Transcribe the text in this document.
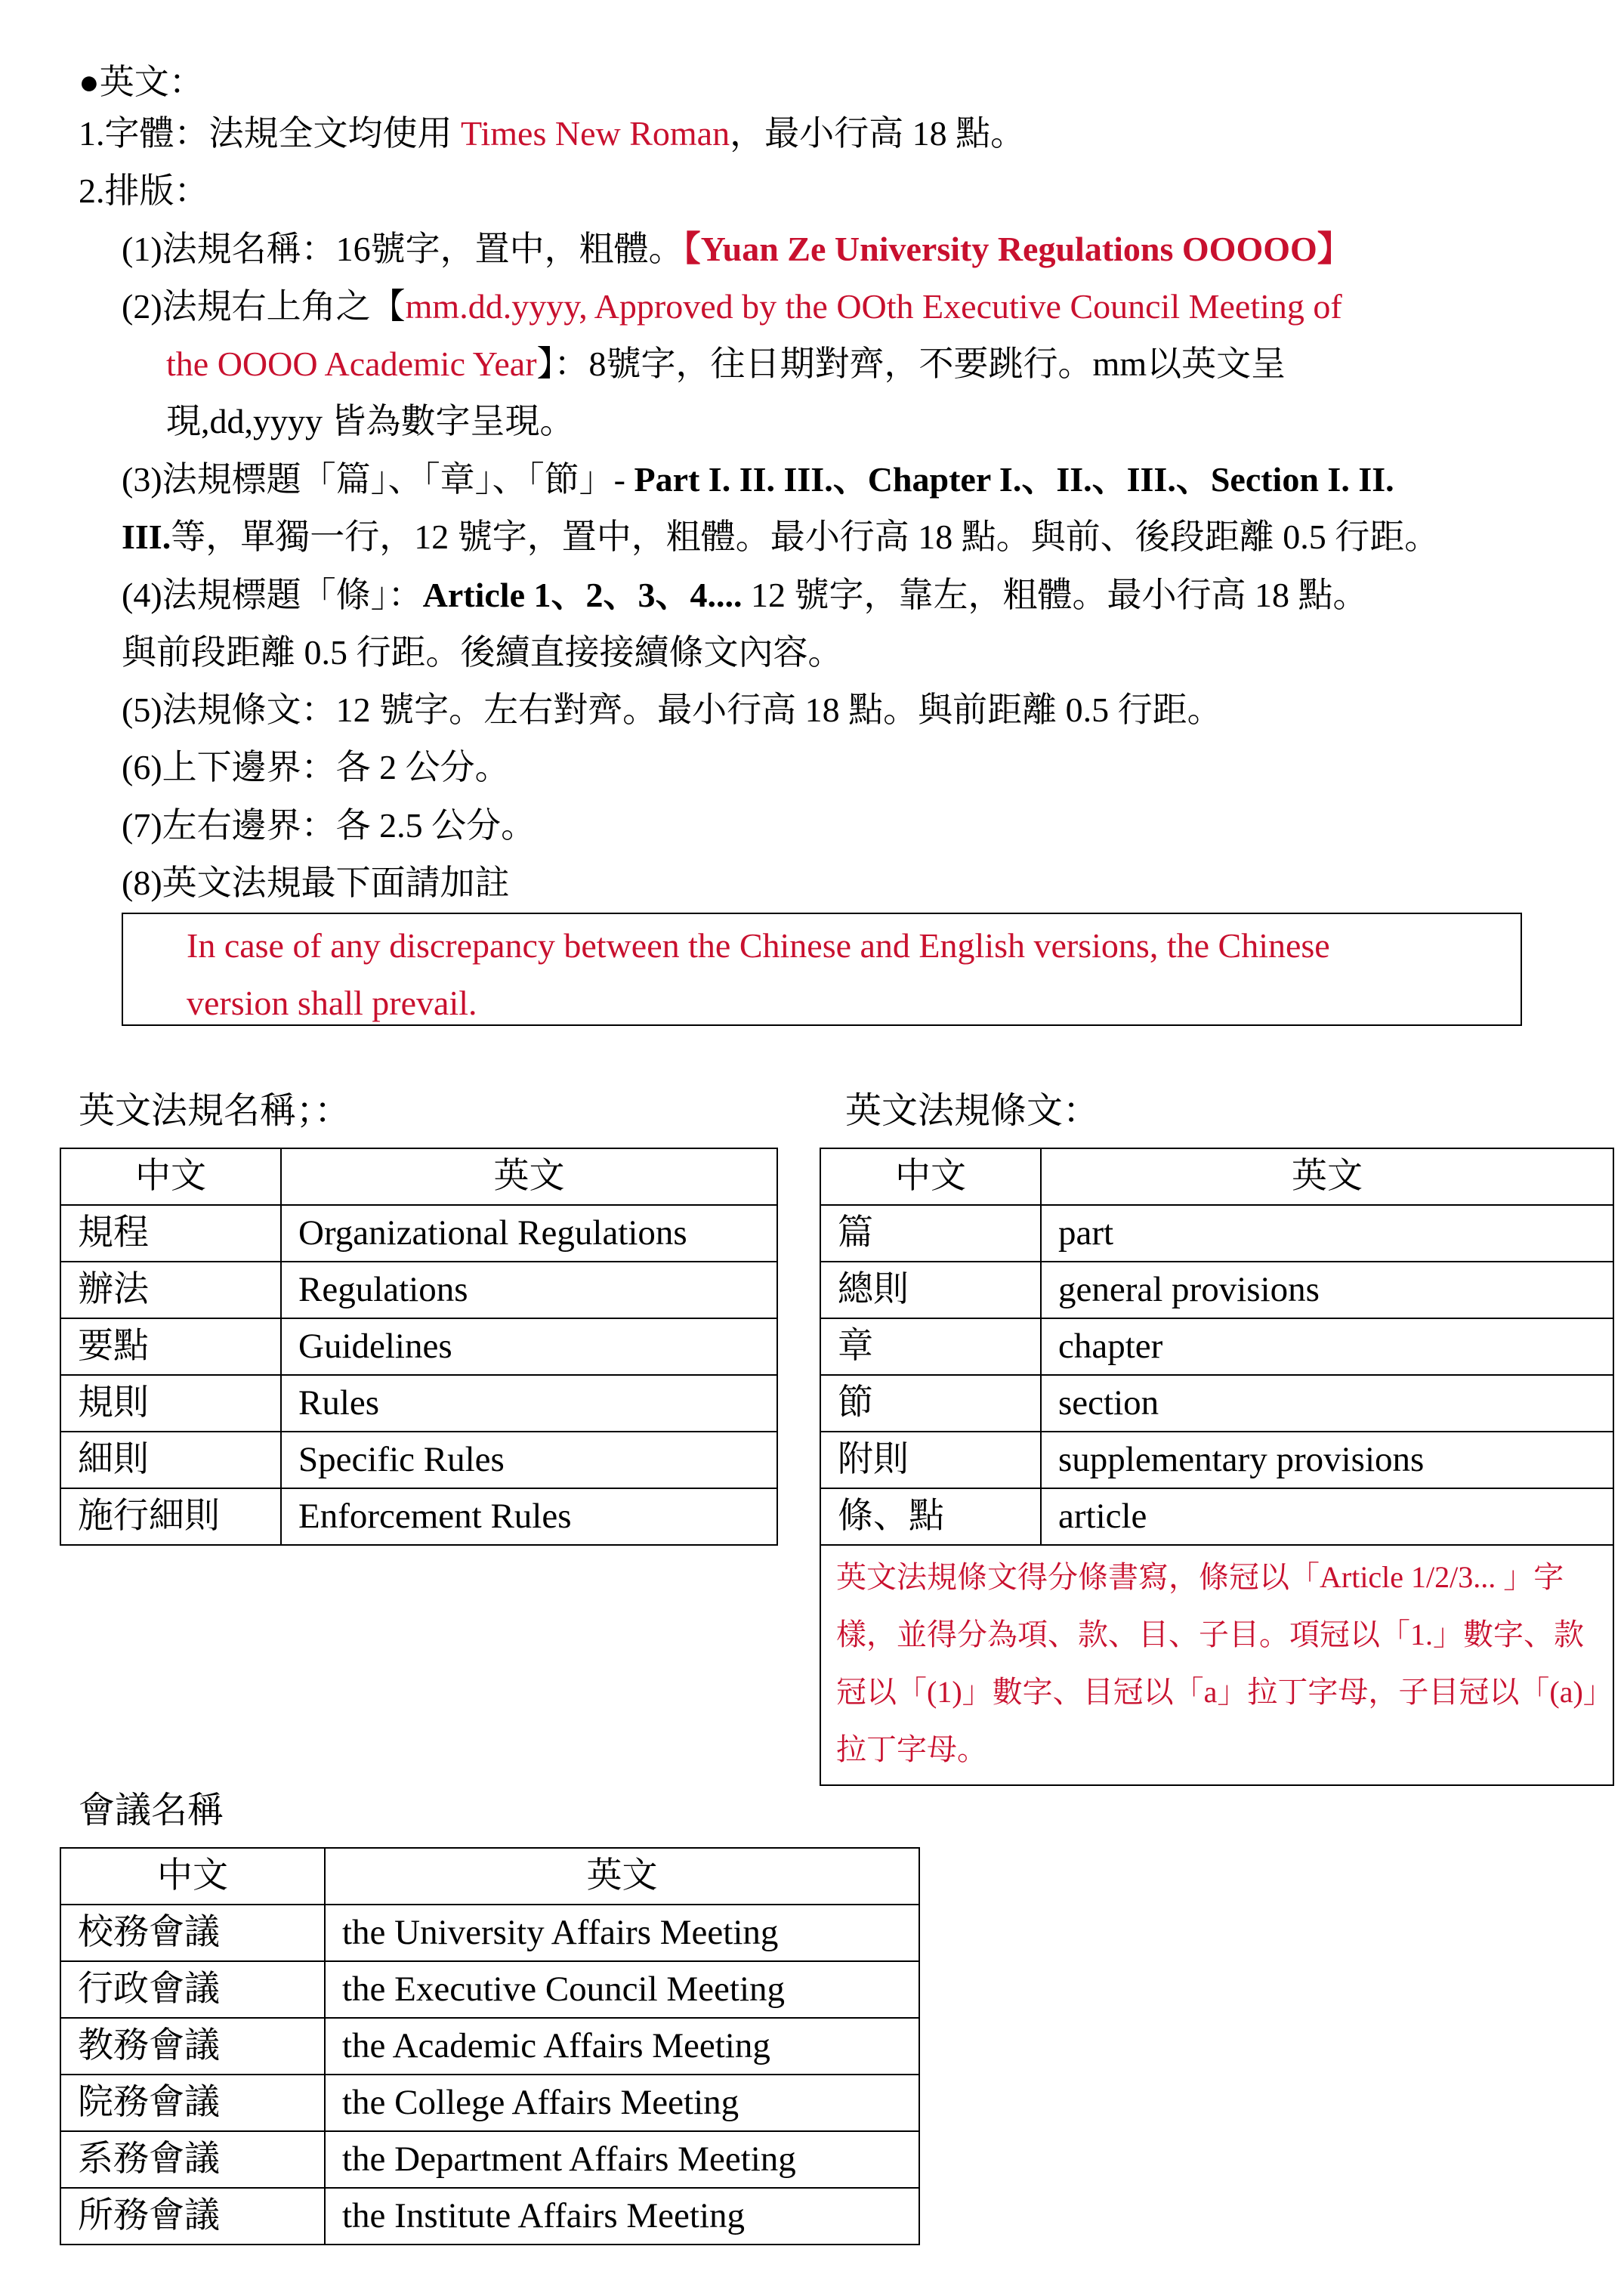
●英文：
1.字體：法規全文均使用 Times New Roman，最小行高 18 點。
2.排版：
(1)法規名稱：16號字，置中，粗體。【Yuan Ze University Regulations OOOOO】
(2)法規右上角之【mm.dd.yyyy, Approved by the OOth Executive Council Meeting of
the OOOO Academic Year】：8號字，往日期對齊，不要跳行。mm以英文呈
現,dd,yyyy 皆為數字呈現。
(3)法規標題「篇」、「章」、「節」- Part I. II. III.、Chapter I.、II.、III.、Section I. II.
III.等，單獨一行，12 號字，置中，粗體。最小行高 18 點。與前、後段距離 0.5 行距。
(4)法規標題「條」：Article 1、2、3、4.... 12 號字，靠左，粗體。最小行高 18 點。
與前段距離 0.5 行距。後續直接接續條文內容。
(5)法規條文：12 號字。左右對齊。最小行高 18 點。與前距離 0.5 行距。
(6)上下邊界：各 2 公分。
(7)左右邊界：各 2.5 公分。
(8)英文法規最下面請加註
In case of any discrepancy between the Chinese and English versions, the Chinese
version shall prevail.
英文法規名稱；：
中文	英文
規程	Organizational Regulations
辦法	Regulations
要點	Guidelines
規則	Rules
細則	Specific Rules
施行細則	Enforcement Rules
英文法規條文：
中文	英文
篇	part
總則	general provisions
章	chapter
節	section
附則	supplementary provisions
條、點	article
英文法規條文得分條書寫，條冠以「Article 1/2/3... 」字樣，並得分為項、款、目、子目。項冠以「1.」數字、款冠以「(1)」數字、目冠以「a」拉丁字母，子目冠以「(a)」拉丁字母。	
會議名稱
中文	英文
校務會議	the University Affairs Meeting
行政會議	the Executive Council Meeting
教務會議	the Academic Affairs Meeting
院務會議	the College Affairs Meeting
系務會議	the Department Affairs Meeting
所務會議	the Institute Affairs Meeting
